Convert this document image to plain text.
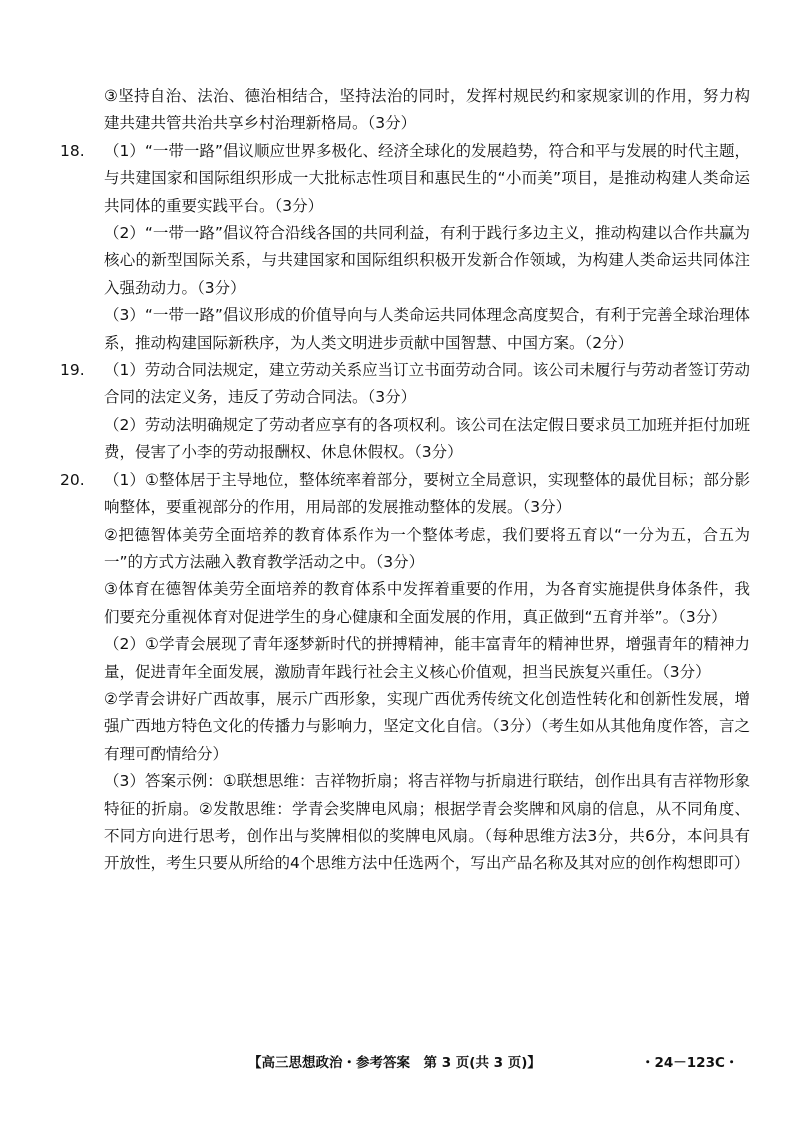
③坚持自治、法治、德治相结合，坚持法治的同时，发挥村规民约和家规家训的作用，努力构建共建共管共治共享乡村治理新格局。（3分）

18.	（1）“一带一路”倡议顺应世界多极化、经济全球化的发展趋势，符合和平与发展的时代主题，与共建国家和国际组织形成一大批标志性项目和惠民生的“小而美”项目，是推动构建人类命运共同体的重要实践平台。（3分）

（2）“一带一路”倡议符合沿线各国的共同利益，有利于践行多边主义，推动构建以合作共赢为核心的新型国际关系，与共建国家和国际组织积极开发新合作领域，为构建人类命运共同体注入强劲动力。（3分）

（3）“一带一路”倡议形成的价值导向与人类命运共同体理念高度契合，有利于完善全球治理体系，推动构建国际新秩序，为人类文明进步贡献中国智慧、中国方案。（2分）

19.	（1）劳动合同法规定，建立劳动关系应当订立书面劳动合同。该公司未履行与劳动者签订劳动合同的法定义务，违反了劳动合同法。（3分）

（2）劳动法明确规定了劳动者应享有的各项权利。该公司在法定假日要求员工加班并拒付加班费，侵害了小李的劳动报酬权、休息休假权。（3分）

20.	（1）①整体居于主导地位，整体统率着部分，要树立全局意识，实现整体的最优目标；部分影响整体，要重视部分的作用，用局部的发展推动整体的发展。（3分）

②把德智体美劳全面培养的教育体系作为一个整体考虑，我们要将五育以“一分为五，合五为一”的方式方法融入教育教学活动之中。（3分）

③体育在德智体美劳全面培养的教育体系中发挥着重要的作用，为各育实施提供身体条件，我们要充分重视体育对促进学生的身心健康和全面发展的作用，真正做到“五育并举”。（3分）

（2）①学青会展现了青年逐梦新时代的拼搏精神，能丰富青年的精神世界，增强青年的精神力量，促进青年全面发展，激励青年践行社会主义核心价值观，担当民族复兴重任。（3分）

②学青会讲好广西故事，展示广西形象，实现广西优秀传统文化创造性转化和创新性发展，增强广西地方特色文化的传播力与影响力，坚定文化自信。（3分）（考生如从其他角度作答，言之有理可酌情给分）

（3）答案示例：①联想思维：吉祥物折扇；将吉祥物与折扇进行联结，创作出具有吉祥物形象特征的折扇。②发散思维：学青会奖牌电风扇；根据学青会奖牌和风扇的信息，从不同角度、不同方向进行思考，创作出与奖牌相似的奖牌电风扇。（每种思维方法3分，共6分，本问具有开放性，考生只要从所给的4个思维方法中任选两个，写出产品名称及其对应的创作构想即可）

【高三思想政治・参考答案　第 3 页(共 3 页)】	・24－123C・
